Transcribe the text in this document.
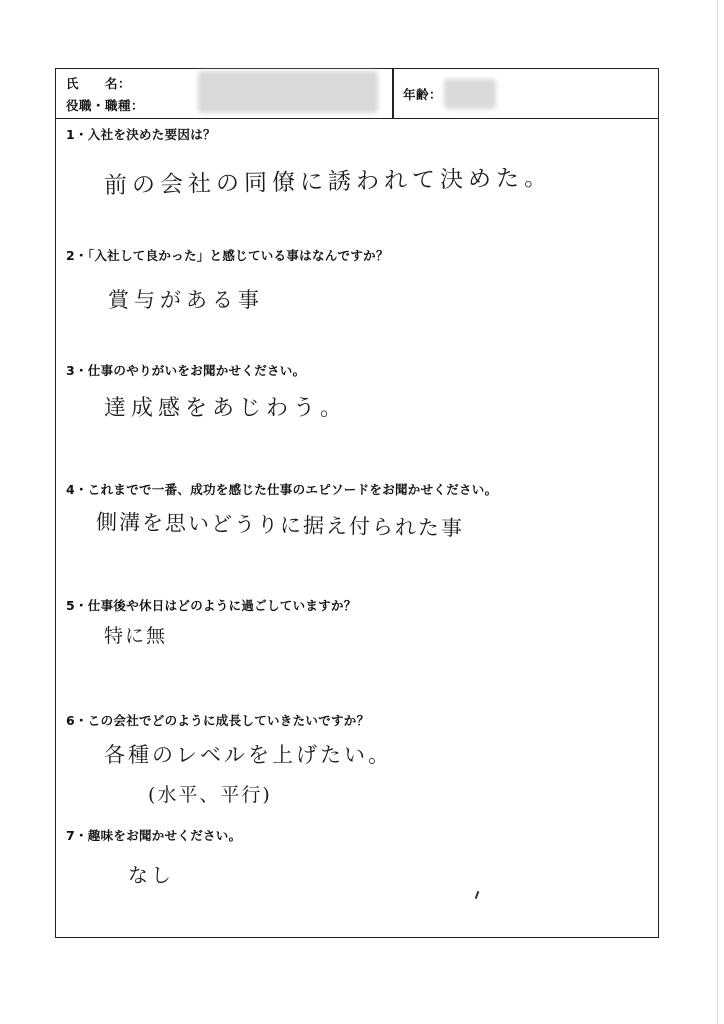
氏　　名：
役職・職種：
年齢：
1・入社を決めた要因は？
前の会社の同僚に誘われて決めた。
2・「入社して良かった」と感じている事はなんですか？
賞与がある事
3・仕事のやりがいをお聞かせください。
達成感をあじわう。
4・これまでで一番、成功を感じた仕事のエピソードをお聞かせください。
側溝を思いどうりに据え付られた事
5・仕事後や休日はどのように過ごしていますか？
特に無
6・この会社でどのように成長していきたいですか？
各種のレベルを上げたい。
(水平、平行)
7・趣味をお聞かせください。
なし
